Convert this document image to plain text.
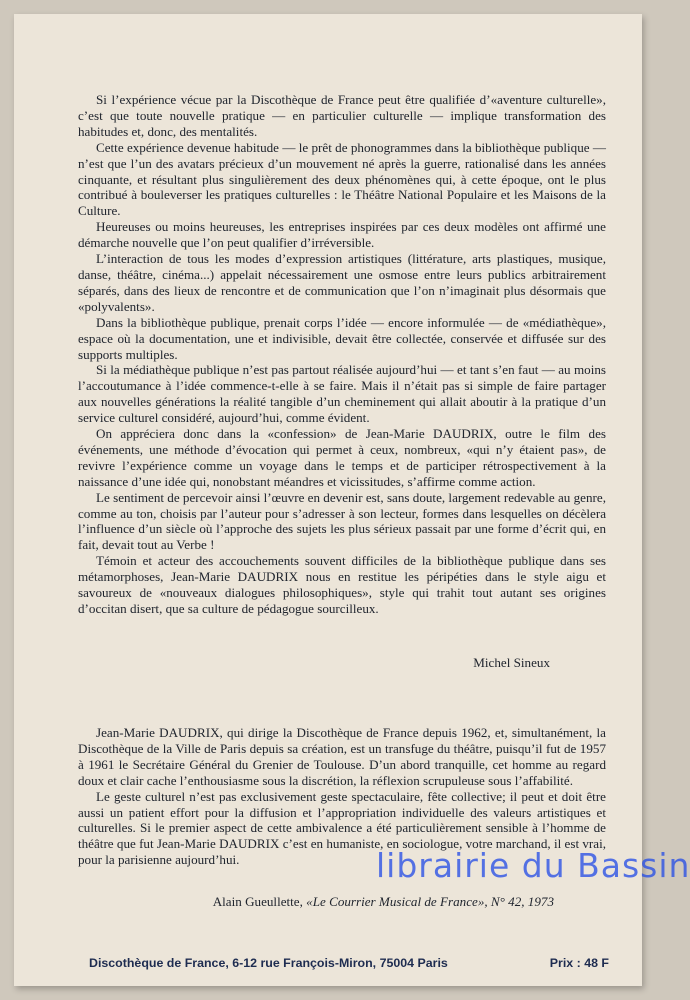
Si l’expérience vécue par la Discothèque de France peut être qualifiée d’«aventure culturelle», c’est que toute nouvelle pratique — en particulier culturelle — implique transformation des habitudes et, donc, des mentalités.

Cette expérience devenue habitude — le prêt de phonogrammes dans la bibliothèque publique — n’est que l’un des avatars précieux d’un mouvement né après la guerre, rationalisé dans les années cinquante, et résultant plus singulièrement des deux phénomènes qui, à cette époque, ont le plus contribué à bouleverser les pratiques culturelles : le Théâtre National Populaire et les Maisons de la Culture.

Heureuses ou moins heureuses, les entreprises inspirées par ces deux modèles ont affirmé une démarche nouvelle que l’on peut qualifier d’irréversible.

L’interaction de tous les modes d’expression artistiques (littérature, arts plastiques, musique, danse, théâtre, cinéma...) appelait nécessairement une osmose entre leurs publics arbitrairement séparés, dans des lieux de rencontre et de communication que l’on n’imaginait plus désormais que «polyvalents».

Dans la bibliothèque publique, prenait corps l’idée — encore informulée — de «médiathèque», espace où la documentation, une et indivisible, devait être collectée, conservée et diffusée sur des supports multiples.

Si la médiathèque publique n’est pas partout réalisée aujourd’hui — et tant s’en faut — au moins l’accoutumance à l’idée commence-t-elle à se faire. Mais il n’était pas si simple de faire partager aux nouvelles générations la réalité tangible d’un cheminement qui allait aboutir à la pratique d’un service culturel considéré, aujourd’hui, comme évident.

On appréciera donc dans la «confession» de Jean-Marie DAUDRIX, outre le film des événements, une méthode d’évocation qui permet à ceux, nombreux, «qui n’y étaient pas», de revivre l’expérience comme un voyage dans le temps et de participer rétrospectivement à la naissance d’une idée qui, nonobstant méandres et vicissitudes, s’affirme comme action.

Le sentiment de percevoir ainsi l’œuvre en devenir est, sans doute, largement redevable au genre, comme au ton, choisis par l’auteur pour s’adresser à son lecteur, formes dans lesquelles on décèlera l’influence d’un siècle où l’approche des sujets les plus sérieux passait par une forme d’écrit qui, en fait, devait tout au Verbe !

Témoin et acteur des accouchements souvent difficiles de la bibliothèque publique dans ses métamorphoses, Jean-Marie DAUDRIX nous en restitue les péripéties dans le style aigu et savoureux de «nouveaux dialogues philosophiques», style qui trahit tout autant ses origines d’occitan disert, que sa culture de pédagogue sourcilleux.

Michel Sineux

Jean-Marie DAUDRIX, qui dirige la Discothèque de France depuis 1962, et, simultanément, la Discothèque de la Ville de Paris depuis sa création, est un transfuge du théâtre, puisqu’il fut de 1957 à 1961 le Secrétaire Général du Grenier de Toulouse. D’un abord tranquille, cet homme au regard doux et clair cache l’enthousiasme sous la discrétion, la réflexion scrupuleuse sous l’affabilité.

Le geste culturel n’est pas exclusivement geste spectaculaire, fête collective; il peut et doit être aussi un patient effort pour la diffusion et l’appropriation individuelle des valeurs artistiques et culturelles. Si le premier aspect de cette ambivalence a été particulièrement sensible à l’homme de théâtre que fut Jean-Marie DAUDRIX c’est en humaniste, en sociologue, votre marchand, il est vrai, pour la parisienne aujourd’hui.

Alain Gueullette, «Le Courrier Musical de France», N° 42, 1973
Discothèque de France, 6-12 rue François-Miron, 75004 Paris	Prix : 48 F
librairie du Bassin
